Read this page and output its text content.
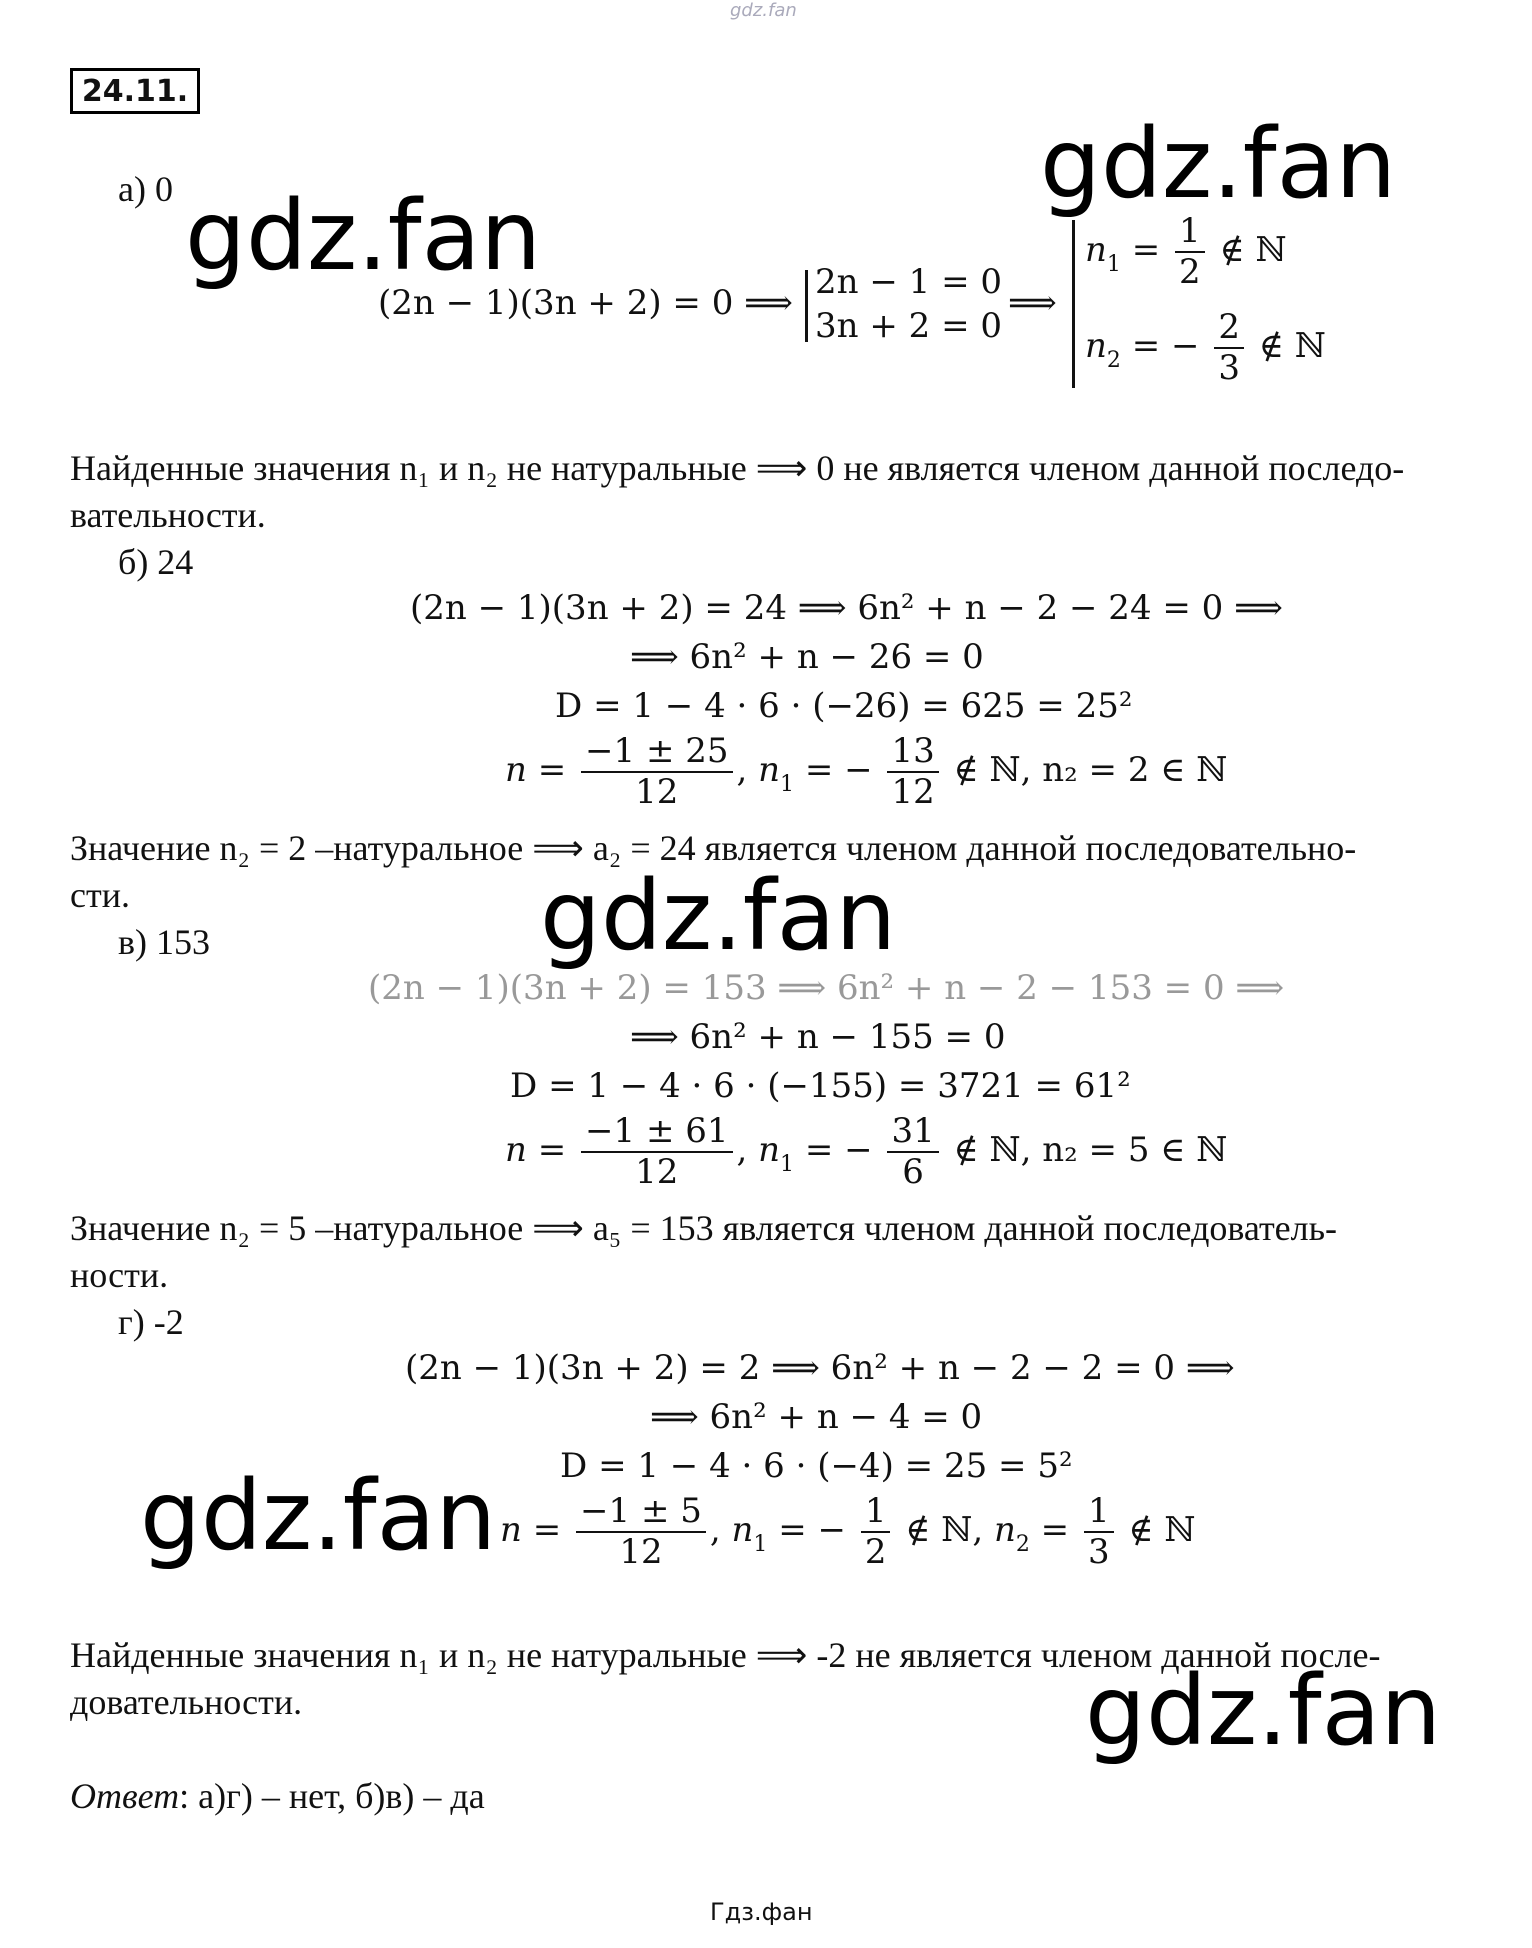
gdz.fan
24.11.
а) 0
(2n − 1)(3n + 2) = 0 ⟹
2n − 1 = 0
3n + 2 = 0
⟹
$n_1 = \frac{1}{2}$ ∉ ℕ
$n_2$ = − $\frac{2}{3}$ ∉ ℕ
Найденные значения n₁ и n₂ не натуральные ⟹ 0 не является членом данной последо-
вательности.
б) 24
(2n − 1)(3n + 2) = 24 ⟹ 6n² + n − 2 − 24 = 0 ⟹
⟹ 6n² + n − 26 = 0
D = 1 − 4 · 6 · (−26) = 625 = 25²
$n = \frac{-1 \pm 25}{12}$ , $n_1$ = − $\frac{13}{12}$ ∉ ℕ, n₂ = 2 ∈ ℕ
Значение n₂ = 2 –натуральное ⟹ a₂ = 24 является членом данной последовательно-
сти.
в) 153
(2n − 1)(3n + 2) = 153 ⟹ 6n² + n − 2 − 153 = 0 ⟹
⟹ 6n² + n − 155 = 0
D = 1 − 4 · 6 · (−155) = 3721 = 61²
$n = \frac{-1 \pm 61}{12}$ , $n_1$ = − $\frac{31}{6}$ ∉ ℕ, n₂ = 5 ∈ ℕ
Значение n₂ = 5 –натуральное ⟹ a₅ = 153 является членом данной последователь-
ности.
г) -2
(2n − 1)(3n + 2) = 2 ⟹ 6n² + n − 2 − 2 = 0 ⟹
⟹ 6n² + n − 4 = 0
D = 1 − 4 · 6 · (−4) = 25 = 5²
$n = \frac{-1 \pm 5}{12}$ , $n_1$ = − $\frac{1}{2}$ ∉ ℕ, $n_2 = \frac{1}{3}$ ∉ ℕ
Найденные значения n₁ и n₂ не натуральные ⟹ -2 не является членом данной после-
довательности.
Ответ: а)г) – нет, б)в) – да
gdz.fan
gdz.fan
gdz.fan
gdz.fan
gdz.fan
Гдз.фан
